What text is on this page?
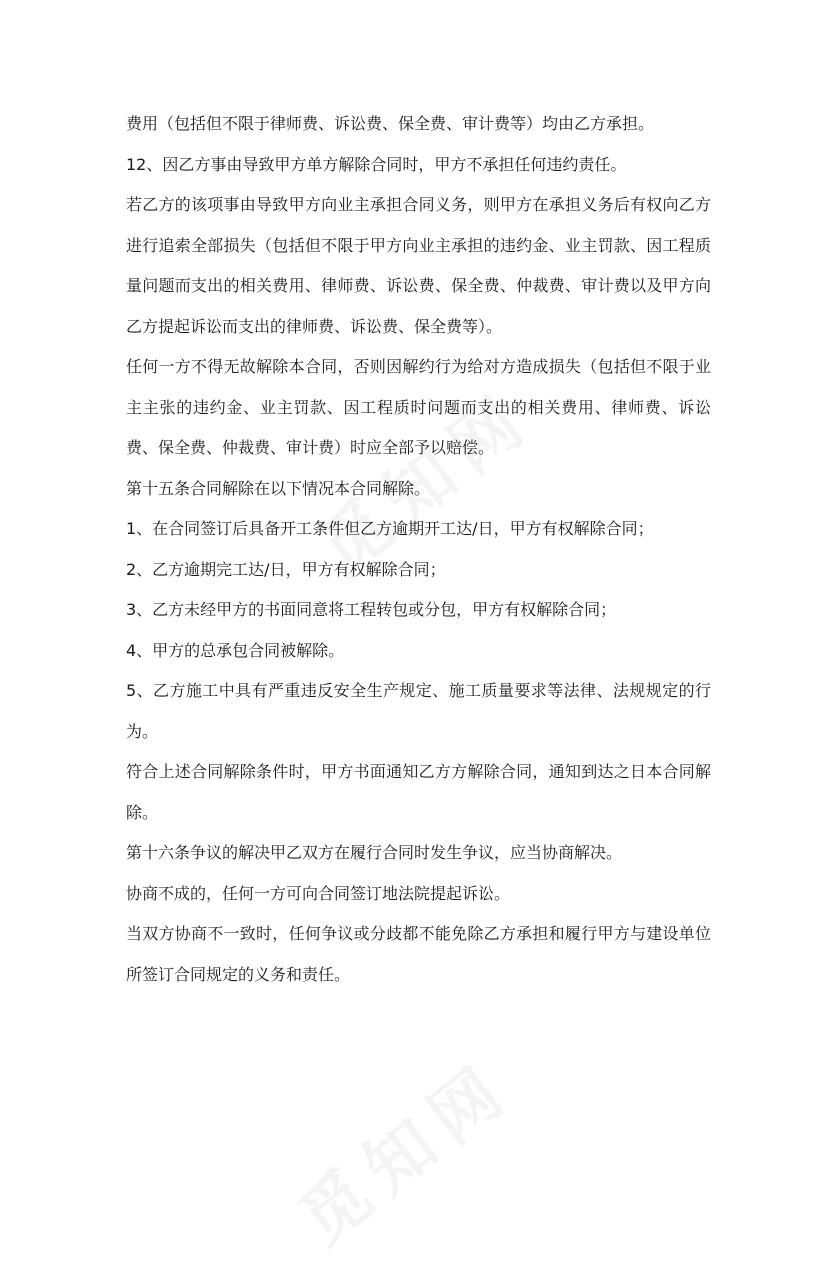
费用（包括但不限于律师费、诉讼费、保全费、审计费等）均由乙方承担。

12、因乙方事由导致甲方单方解除合同时，甲方不承担任何违约责任。

若乙方的该项事由导致甲方向业主承担合同义务，则甲方在承担义务后有权向乙方进行追索全部损失（包括但不限于甲方向业主承担的违约金、业主罚款、因工程质量问题而支出的相关费用、律师费、诉讼费、保全费、仲裁费、审计费以及甲方向乙方提起诉讼而支出的律师费、诉讼费、保全费等）。

任何一方不得无故解除本合同，否则因解约行为给对方造成损失（包括但不限于业主主张的违约金、业主罚款、因工程质时问题而支出的相关费用、律师费、诉讼费、保全费、仲裁费、审计费）时应全部予以赔偿。

第十五条合同解除在以下情况本合同解除。

1、在合同签订后具备开工条件但乙方逾期开工达/日，甲方有权解除合同；

2、乙方逾期完工达/日，甲方有权解除合同；

3、乙方未经甲方的书面同意将工程转包或分包，甲方有权解除合同；

4、甲方的总承包合同被解除。

5、乙方施工中具有严重违反安全生产规定、施工质量要求等法律、法规规定的行为。

符合上述合同解除条件时，甲方书面通知乙方方解除合同，通知到达之日本合同解除。

第十六条争议的解决甲乙双方在履行合同时发生争议，应当协商解决。

协商不成的，任何一方可向合同签订地法院提起诉讼。

当双方协商不一致时，任何争议或分歧都不能免除乙方承担和履行甲方与建设单位所签订合同规定的义务和责任。
